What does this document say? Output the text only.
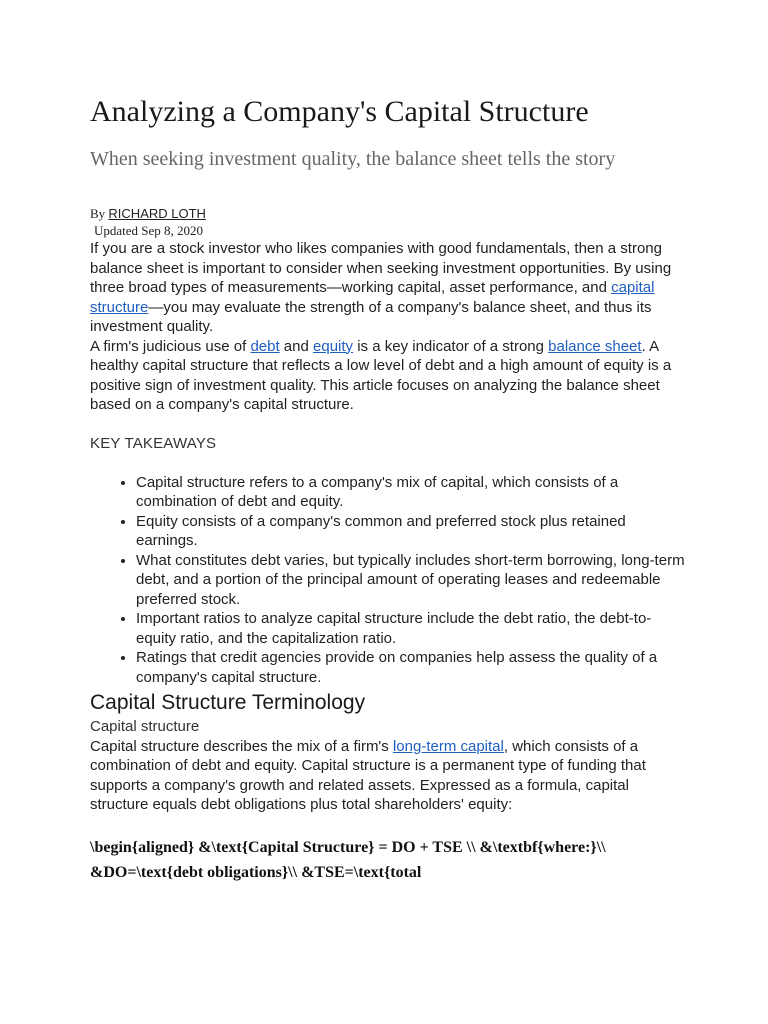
Analyzing a Company's Capital Structure
When seeking investment quality, the balance sheet tells the story
By RICHARD LOTH
Updated Sep 8, 2020

If you are a stock investor who likes companies with good fundamentals, then a strong balance sheet is important to consider when seeking investment opportunities. By using three broad types of measurements—working capital, asset performance, and capital structure—you may evaluate the strength of a company's balance sheet, and thus its investment quality.

A firm's judicious use of debt and equity is a key indicator of a strong balance sheet. A healthy capital structure that reflects a low level of debt and a high amount of equity is a positive sign of investment quality. This article focuses on analyzing the balance sheet based on a company's capital structure.

KEY TAKEAWAYS
• Capital structure refers to a company's mix of capital, which consists of a combination of debt and equity.
• Equity consists of a company's common and preferred stock plus retained earnings.
• What constitutes debt varies, but typically includes short-term borrowing, long-term debt, and a portion of the principal amount of operating leases and redeemable preferred stock.
• Important ratios to analyze capital structure include the debt ratio, the debt-to-equity ratio, and the capitalization ratio.
• Ratings that credit agencies provide on companies help assess the quality of a company's capital structure.
Capital Structure Terminology
Capital structure

Capital structure describes the mix of a firm's long-term capital, which consists of a combination of debt and equity. Capital structure is a permanent type of funding that supports a company's growth and related assets. Expressed as a formula, capital structure equals debt obligations plus total shareholders' equity:

\begin{aligned} &\text{Capital Structure} = DO + TSE \\ &\textbf{where:}\\ &DO=\text{debt obligations}\\ &TSE=\text{total
